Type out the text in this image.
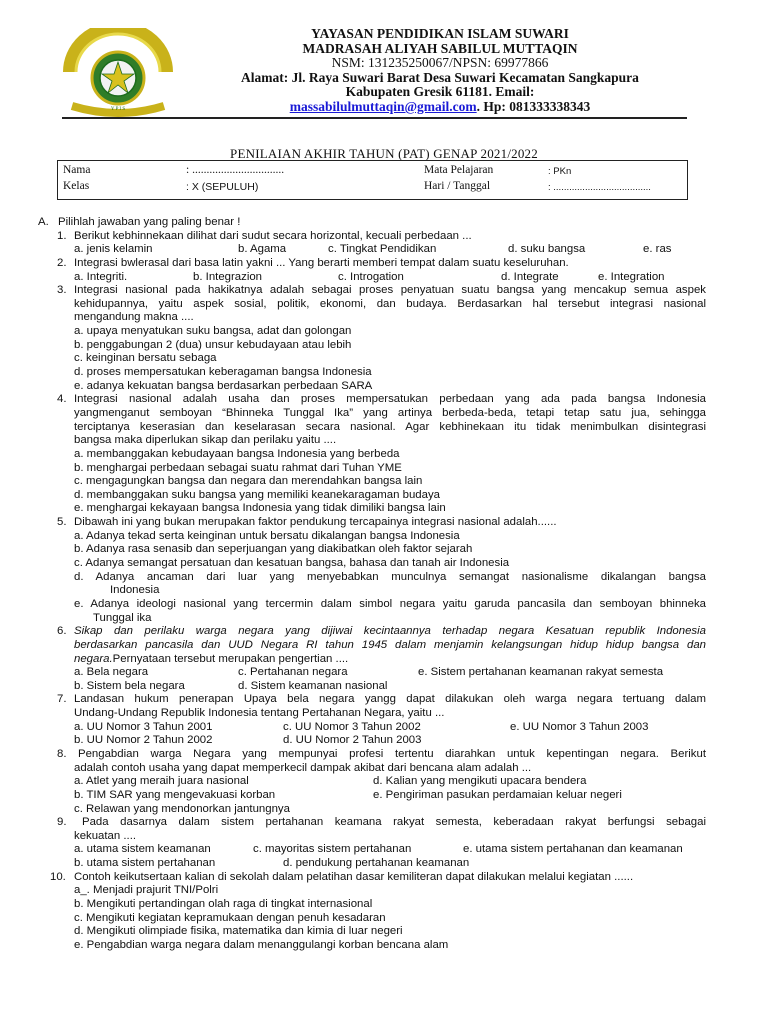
Y P I S
YAYASAN PENDIDIKAN ISLAM SUWARI
MADRASAH ALIYAH SABILUL MUTTAQIN
NSM: 131235250067/NPSN: 69977866
Alamat: Jl. Raya Suwari Barat Desa Suwari Kecamatan Sangkapura
Kabupaten Gresik 61181. Email:
massabilulmuttaqin@gmail.com. Hp: 081333338343
PENILAIAN AKHIR TAHUN (PAT) GENAP 2021/2022
Nama	: ................................
Kelas	: X (SEPULUH)
Mata Pelajaran	: PKn
Hari / Tanggal	: .....................................
A. Pilihlah jawaban yang paling benar !
1. Berikut kebhinnekaan dilihat dari sudut secara horizontal, kecuali perbedaan ...
a. jenis kelamin	b. Agama	c. Tingkat Pendidikan	d. suku bangsa	e. ras
2. Integrasi bwlerasal dari basa latin yakni ... Yang berarti memberi tempat dalam suatu keseluruhan.
a. Integriti.	b. Integrazion	c. Introgation	d. Integrate	e. Integration
3. Integrasi nasional pada hakikatnya adalah sebagai proses penyatuan suatu bangsa yang mencakup semua aspek
kehidupannya, yaitu aspek sosial, politik, ekonomi, dan budaya. Berdasarkan hal tersebut integrasi nasional
mengandung makna ....
a. upaya menyatukan suku bangsa, adat dan golongan
b. penggabungan 2 (dua) unsur kebudayaan atau lebih
c. keinginan bersatu sebaga
d. proses mempersatukan keberagaman bangsa Indonesia
e. adanya kekuatan bangsa berdasarkan perbedaan SARA
4. Integrasi nasional adalah usaha dan proses mempersatukan perbedaan yang ada pada bangsa Indonesia
yangmenganut semboyan “Bhinneka Tunggal Ika” yang artinya berbeda-beda, tetapi tetap satu jua, sehingga
terciptanya keserasian dan keselarasan secara nasional. Agar kebhinekaan itu tidak menimbulkan disintegrasi
bangsa maka diperlukan sikap dan perilaku yaitu ....
a. membanggakan kebudayaan bangsa Indonesia yang berbeda
b. menghargai perbedaan sebagai suatu rahmat dari Tuhan YME
c. mengagungkan bangsa dan negara dan merendahkan bangsa lain
d. membanggakan suku bangsa yang memiliki keanekaragaman budaya
e. menghargai kekayaan bangsa Indonesia yang tidak dimiliki bangsa lain
5. Dibawah ini yang bukan merupakan faktor pendukung tercapainya integrasi nasional adalah......
a. Adanya tekad serta keinginan untuk bersatu dikalangan bangsa Indonesia
b. Adanya rasa senasib dan seperjuangan yang diakibatkan oleh faktor sejarah
c. Adanya semangat persatuan dan kesatuan bangsa, bahasa dan tanah air Indonesia
d. Adanya ancaman dari luar yang menyebabkan munculnya semangat nasionalisme dikalangan bangsa
Indonesia
e. Adanya ideologi nasional yang tercermin dalam simbol negara yaitu garuda pancasila dan semboyan bhinneka
Tunggal ika
6. Sikap dan perilaku warga negara yang dijiwai kecintaannya terhadap negara Kesatuan republik Indonesia
berdasarkan pancasila dan UUD Negara RI tahun 1945 dalam menjamin kelangsungan hidup hidup bangsa dan
negara.Pernyataan tersebut merupakan pengertian ....
a. Bela negara	c. Pertahanan negara	e. Sistem pertahanan keamanan rakyat semesta
b. Sistem bela negara	d. Sistem keamanan nasional
7. Landasan hukum penerapan Upaya bela negara yangg dapat dilakukan oleh warga negara tertuang dalam
Undang-Undang Republik Indonesia tentang Pertahanan Negara, yaitu ...
a. UU Nomor 3 Tahun 2001	c. UU Nomor 3 Tahun 2002	e. UU Nomor 3 Tahun 2003
b. UU Nomor 2 Tahun 2002	d. UU Nomor 2 Tahun 2003
8. Pengabdian warga Negara yang mempunyai profesi tertentu diarahkan untuk kepentingan negara. Berikut
adalah contoh usaha yang dapat memperkecil dampak akibat dari bencana alam adalah ...
a. Atlet yang meraih juara nasional	d. Kalian yang mengikuti upacara bendera
b. TIM SAR yang mengevakuasi korban	e. Pengiriman pasukan perdamaian keluar negeri
c. Relawan yang mendonorkan jantungnya
9. Pada dasarnya dalam sistem pertahanan keamana rakyat semesta, keberadaan rakyat berfungsi sebagai
kekuatan ....
a. utama sistem keamanan	c. mayoritas sistem pertahanan	e. utama sistem pertahanan dan keamanan
b. utama sistem pertahanan	d. pendukung pertahanan keamanan
10. Contoh keikutsertaan kalian di sekolah dalam pelatihan dasar kemiliteran dapat dilakukan melalui kegiatan ......
a_. Menjadi prajurit TNI/Polri
b. Mengikuti pertandingan olah raga di tingkat internasional
c. Mengikuti kegiatan kepramukaan dengan penuh kesadaran
d. Mengikuti olimpiade fisika, matematika dan kimia di luar negeri
e. Pengabdian warga negara dalam menanggulangi korban bencana alam
